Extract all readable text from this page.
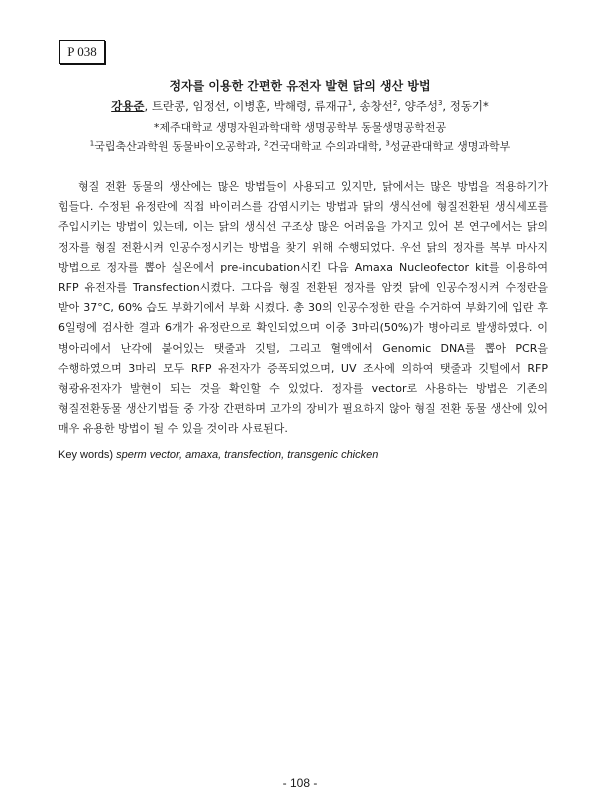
P 038
정자를 이용한 간편한 유전자 발현 닭의 생산 방법
강용준, 트란콩, 임정선, 이병훈, 박해령, 류재규$^1$, 송창선$^2$, 양주성$^3$, 정동기*
*제주대학교 생명자원과학대학 생명공학부 동물생명공학전공
$^1$국립축산과학원 동물바이오공학과, $^2$건국대학교 수의과대학, $^3$성균관대학교 생명과학부
형질 전환 동물의 생산에는 많은 방법들이 사용되고 있지만, 닭에서는 많은 방법을 적용하기가 힘들다. 수정된 유정란에 직접 바이러스를 감염시키는 방법과 닭의 생식선에 형질전환된 생식세포를 주입시키는 방법이 있는데, 이는 닭의 생식선 구조상 많은 어려움을 가지고 있어 본 연구에서는 닭의 정자를 형질 전환시켜 인공수정시키는 방법을 찾기 위해 수행되었다. 우선 닭의 정자를 복부 마사지 방법으로 정자를 뽑아 실온에서 pre-incubation시킨 다음 Amaxa Nucleofector kit를 이용하여 RFP 유전자를 Transfection시켰다. 그다음 형질 전환된 정자를 암컷 닭에 인공수정시켜 수정란을 받아 37°C, 60% 습도 부화기에서 부화 시켰다. 총 30의 인공수정한 란을 수거하여 부화기에 입란 후 6일령에 검사한 결과 6개가 유정란으로 확인되었으며 이중 3마리(50%)가 병아리로 발생하였다. 이 병아리에서 난각에 붙어있는 탯줄과 깃털, 그리고 혈액에서 Genomic DNA를 뽑아 PCR을 수행하였으며 3마리 모두 RFP 유전자가 증폭되었으며, UV 조사에 의하여 탯줄과 깃털에서 RFP 형광유전자가 발현이 되는 것을 확인할 수 있었다. 정자를 vector로 사용하는 방법은 기존의 형질전환동물 생산기법들 중 가장 간편하며 고가의 장비가 필요하지 않아 형질 전환 동물 생산에 있어 매우 유용한 방법이 될 수 있을 것이라 사료된다.
Key words) sperm vector, amaxa, transfection, transgenic chicken
- 108 -
